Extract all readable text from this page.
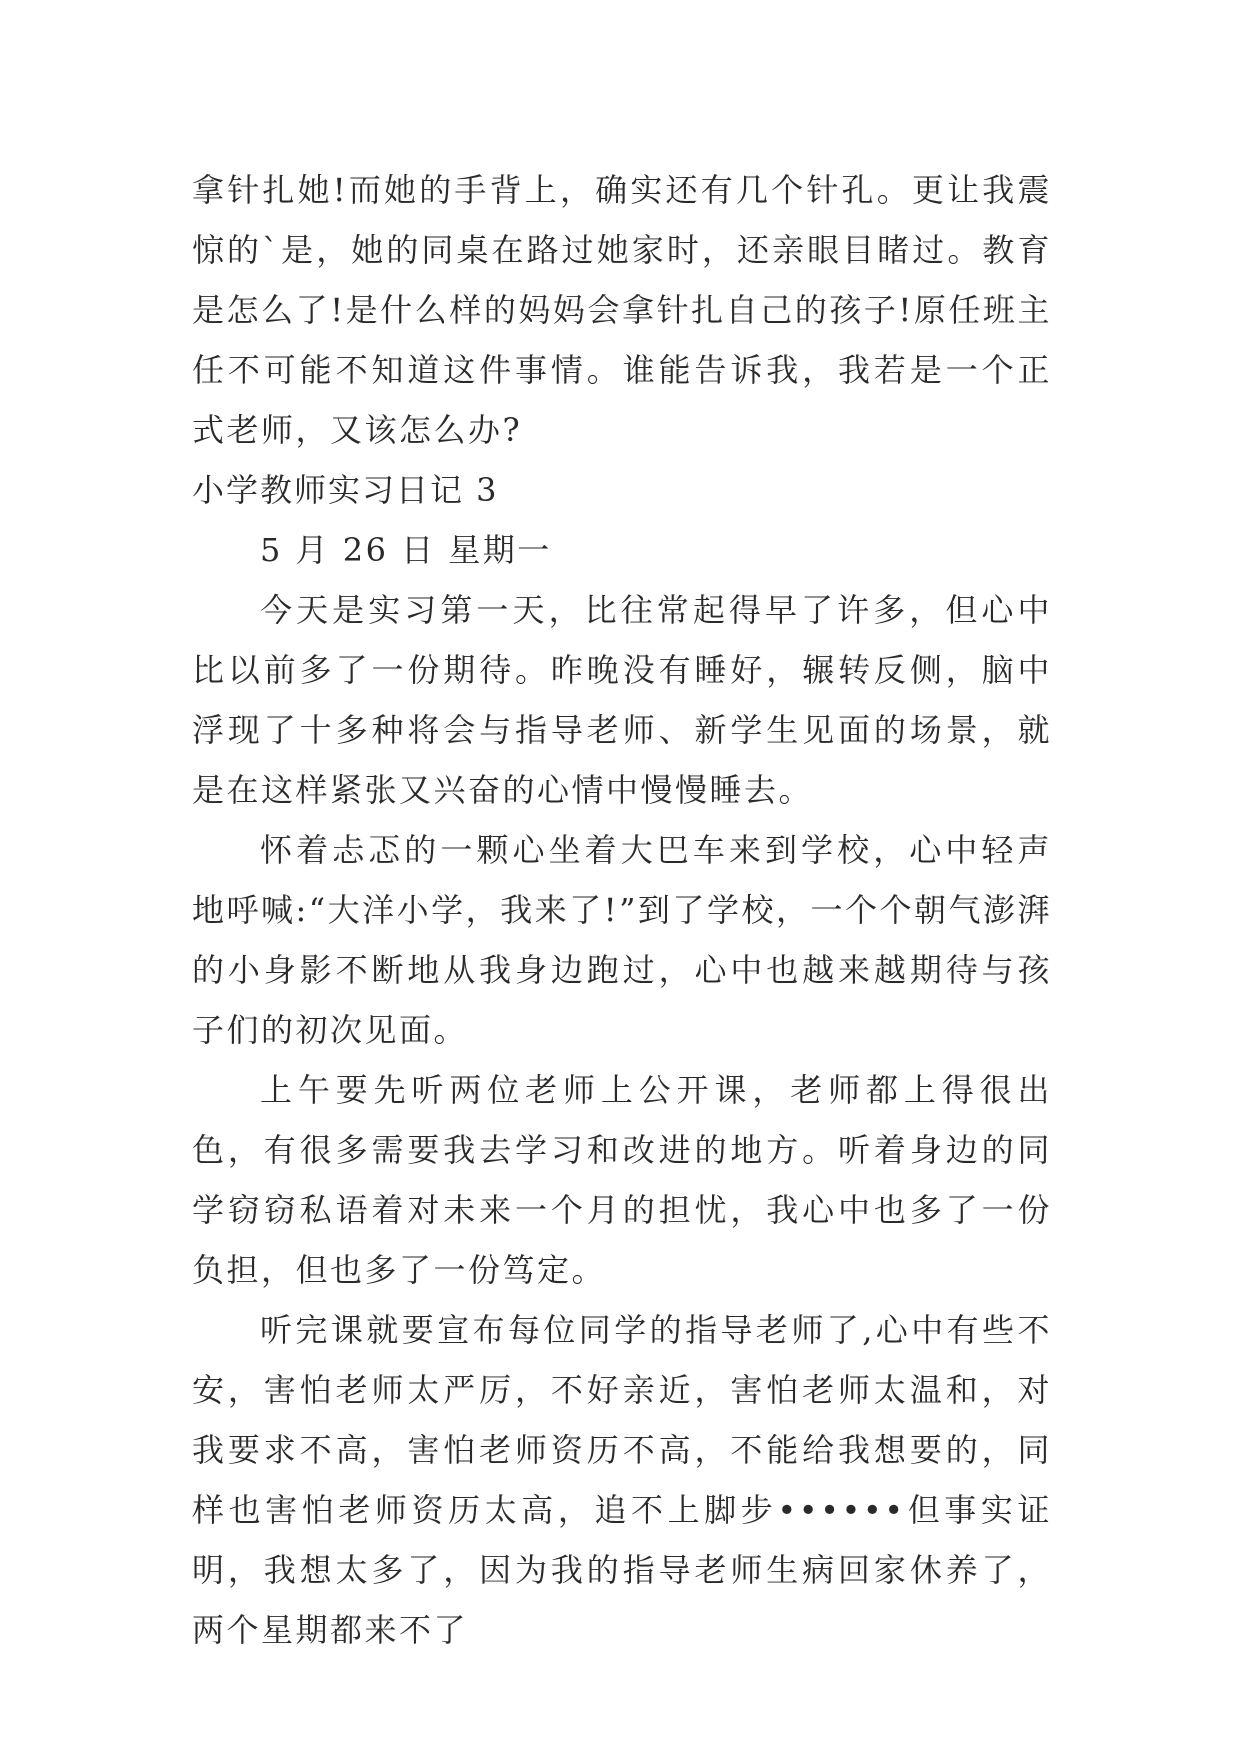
拿针扎她!而她的手背上，确实还有几个针孔。更让我震惊的`是，她的同桌在路过她家时，还亲眼目睹过。教育是怎么了!是什么样的妈妈会拿针扎自己的孩子!原任班主任不可能不知道这件事情。谁能告诉我，我若是一个正式老师，又该怎么办?

小学教师实习日记 3

5 月 26 日 星期一

今天是实习第一天，比往常起得早了许多，但心中比以前多了一份期待。昨晚没有睡好，辗转反侧，脑中浮现了十多种将会与指导老师、新学生见面的场景，就是在这样紧张又兴奋的心情中慢慢睡去。

怀着忐忑的一颗心坐着大巴车来到学校，心中轻声地呼喊:“大洋小学，我来了!”到了学校，一个个朝气澎湃的小身影不断地从我身边跑过，心中也越来越期待与孩子们的初次见面。

上午要先听两位老师上公开课，老师都上得很出色，有很多需要我去学习和改进的地方。听着身边的同学窃窃私语着对未来一个月的担忧，我心中也多了一份负担，但也多了一份笃定。

听完课就要宣布每位同学的指导老师了,心中有些不安，害怕老师太严厉，不好亲近，害怕老师太温和，对我要求不高，害怕老师资历不高，不能给我想要的，同样也害怕老师资历太高，追不上脚步••••••但事实证明，我想太多了，因为我的指导老师生病回家休养了，两个星期都来不了
